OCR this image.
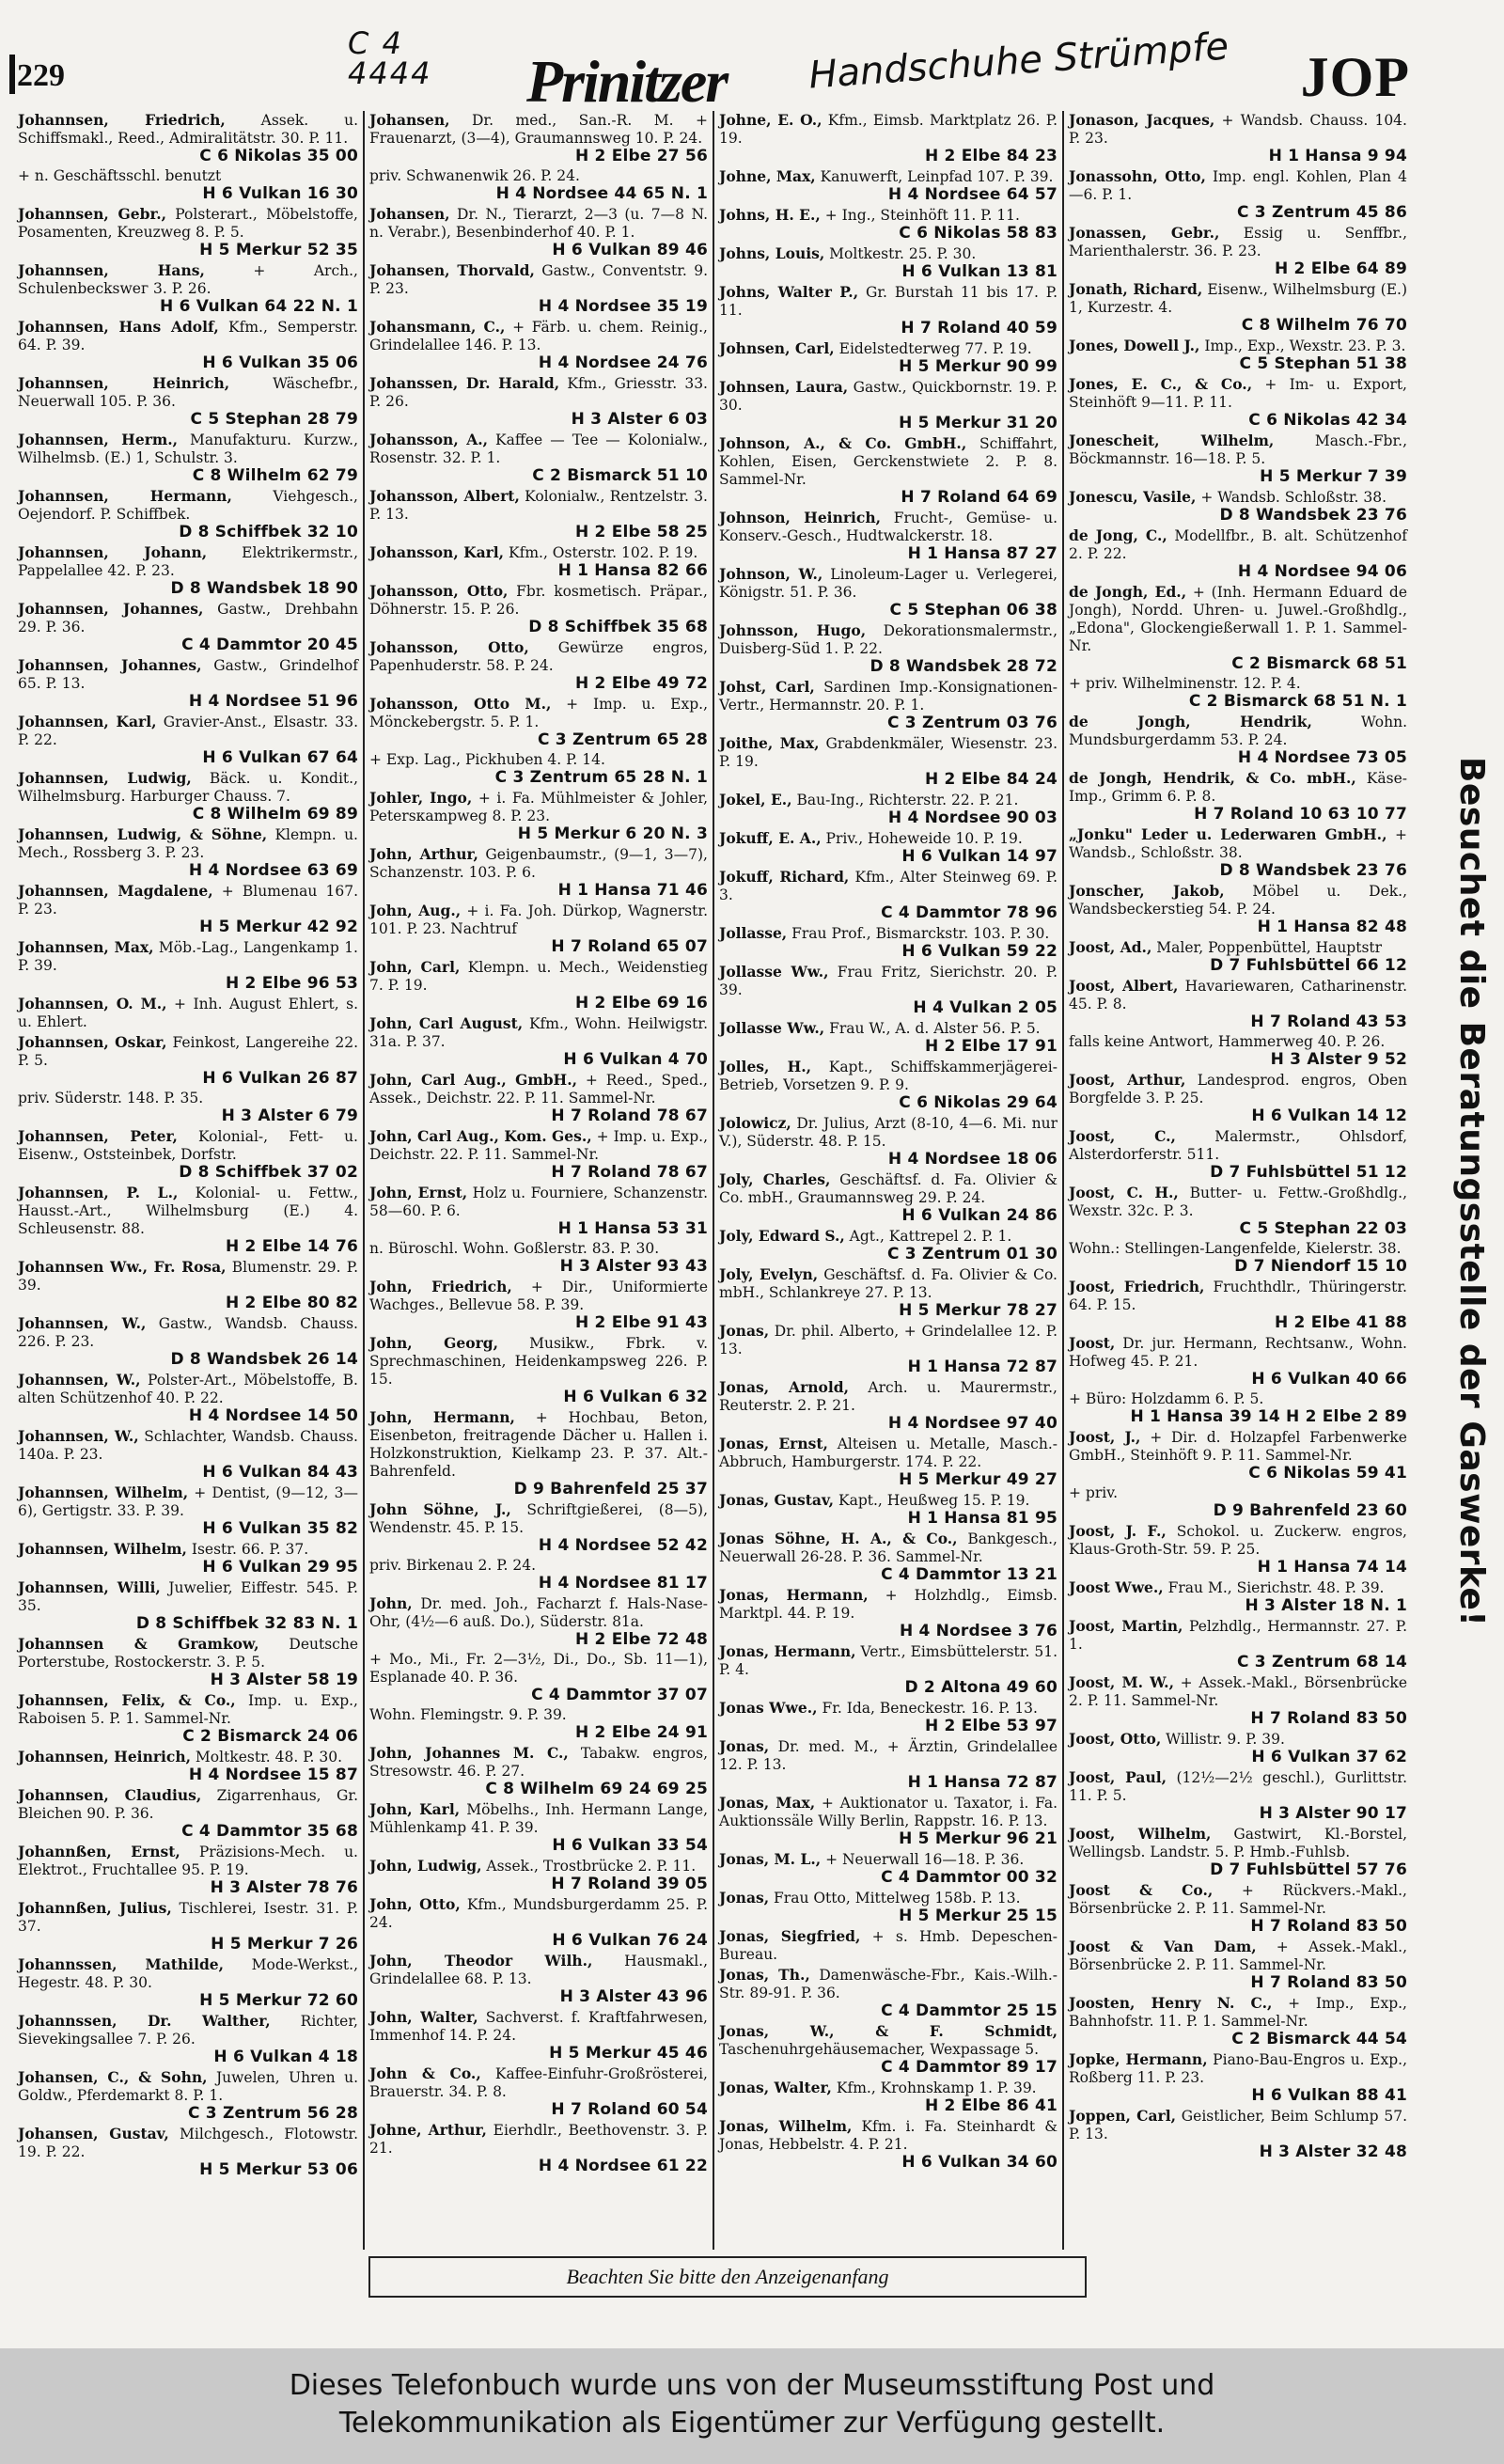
229
C 4
4444 Prinitzer Handschuhe Strümpfe JOP
Johannsen, Friedrich, Assek. u. Schiffsmakl., Reed., Admiralitätstr. 30. P. 11.
C 6 Nikolas 35 00
+ n. Geschäftsschl. benutzt
H 6 Vulkan 16 30
Johannsen, Gebr., Polsterart., Möbelstoffe, Posamenten, Kreuzweg 8. P. 5.
H 5 Merkur 52 35
Johannsen, Hans, + Arch., Schulenbeckswег 3. P. 26.
H 6 Vulkan 64 22 N. 1
Johannsen, Hans Adolf, Kfm., Semperstr. 64. P. 39.
H 6 Vulkan 35 06
Johannsen, Heinrich, Wäschefbr., Neuerwall 105. P. 36.
C 5 Stephan 28 79
Johannsen, Herm., Manufakturu. Kurzw., Wilhelmsb. (E.) 1, Schulstr. 3.
C 8 Wilhelm 62 79
Johannsen, Hermann, Viehgesch., Oejendorf. P. Schiffbek.
D 8 Schiffbek 32 10
Johannsen, Johann, Elektrikermstr., Pappelallee 42. P. 23.
D 8 Wandsbek 18 90
Johannsen, Johannes, Gastw., Drehbahn 29. P. 36.
C 4 Dammtor 20 45
Johannsen, Johannes, Gastw., Grindelhof 65. P. 13.
H 4 Nordsee 51 96
Johannsen, Karl, Gravier-Anst., Elsastr. 33. P. 22.
H 6 Vulkan 67 64
Johannsen, Ludwig, Bäck. u. Kondit., Wilhelmsburg. Harburger Chauss. 7.
C 8 Wilhelm 69 89
Johannsen, Ludwig, & Söhne, Klempn. u. Mech., Rossberg 3. P. 23.
H 4 Nordsee 63 69
Johannsen, Magdalene, + Blumenau 167. P. 23.
H 5 Merkur 42 92
Johannsen, Max, Möb.-Lag., Langenkamp 1. P. 39.
H 2 Elbe 96 53
Johannsen, O. M., + Inh. August Ehlert, s. u. Ehlert.
Johannsen, Oskar, Feinkost, Langereihe 22. P. 5.
H 6 Vulkan 26 87
priv. Süderstr. 148. P. 35.
H 3 Alster 6 79
Johannsen, Peter, Kolonial-, Fett- u. Eisenw., Oststeinbek, Dorfstr.
D 8 Schiffbek 37 02
Johannsen, P. L., Kolonial- u. Fettw., Hausst.-Art., Wilhelmsburg (E.) 4. Schleusenstr. 88.
H 2 Elbe 14 76
Johannsen Ww., Fr. Rosa, Blumenstr. 29. P. 39.
H 2 Elbe 80 82
Johannsen, W., Gastw., Wandsb. Chauss. 226. P. 23.
D 8 Wandsbek 26 14
Johannsen, W., Polster-Art., Möbelstoffe, B. alten Schützenhof 40. P. 22.
H 4 Nordsee 14 50
Johannsen, W., Schlachter, Wandsb. Chauss. 140a. P. 23.
H 6 Vulkan 84 43
Johannsen, Wilhelm, + Dentist, (9—12, 3—6), Gertigstr. 33. P. 39.
H 6 Vulkan 35 82
Johannsen, Wilhelm, Isestr. 66. P. 37.
H 6 Vulkan 29 95
Johannsen, Willi, Juwelier, Eiffestr. 545. P. 35.
D 8 Schiffbek 32 83 N. 1
Johannsen & Gramkow, Deutsche Porterstube, Rostockerstr. 3. P. 5.
H 3 Alster 58 19
Johannsen, Felix, & Co., Imp. u. Exp., Raboisen 5. P. 1. Sammel-Nr.
C 2 Bismarck 24 06
Johannsen, Heinrich, Moltkestr. 48. P. 30.
H 4 Nordsee 15 87
Johannsen, Claudius, Zigarrenhaus, Gr. Bleichen 90. P. 36.
C 4 Dammtor 35 68
Johannßen, Ernst, Präzisions-Mech. u. Elektrot., Fruchtallee 95. P. 19.
H 3 Alster 78 76
Johannßen, Julius, Tischlerei, Isestr. 31. P. 37.
H 5 Merkur 7 26
Johannssen, Mathilde, Mode-Werkst., Hegestr. 48. P. 30.
H 5 Merkur 72 60
Johannssen, Dr. Walther, Richter, Sievekingsallee 7. P. 26.
H 6 Vulkan 4 18
Johansen, C., & Sohn, Juwelen, Uhren u. Goldw., Pferdemarkt 8. P. 1.
C 3 Zentrum 56 28
Johansen, Gustav, Milchgesch., Flotowstr. 19. P. 22.
H 5 Merkur 53 06
Johansen, Dr. med., San.-R. M. + Frauenarzt, (3—4), Graumannsweg 10. P. 24.
H 2 Elbe 27 56
priv. Schwanenwik 26. P. 24.
H 4 Nordsee 44 65 N. 1
Johansen, Dr. N., Tierarzt, 2—3 (u. 7—8 N. n. Verabr.), Besenbinderhof 40. P. 1.
H 6 Vulkan 89 46
Johansen, Thorvald, Gastw., Conventstr. 9. P. 23.
H 4 Nordsee 35 19
Johansmann, C., + Färb. u. chem. Reinig., Grindelallee 146. P. 13.
H 4 Nordsee 24 76
Johanssen, Dr. Harald, Kfm., Griesstr. 33. P. 26.
H 3 Alster 6 03
Johansson, A., Kaffee — Tee — Kolonialw., Rosenstr. 32. P. 1.
C 2 Bismarck 51 10
Johansson, Albert, Kolonialw., Rentzelstr. 3. P. 13.
H 2 Elbe 58 25
Johansson, Karl, Kfm., Osterstr. 102. P. 19.
H 1 Hansa 82 66
Johansson, Otto, Fbr. kosmetisch. Präpar., Döhnerstr. 15. P. 26.
D 8 Schiffbek 35 68
Johansson, Otto, Gewürze engros, Papenhuderstr. 58. P. 24.
H 2 Elbe 49 72
Johansson, Otto M., + Imp. u. Exp., Mönckebergstr. 5. P. 1.
C 3 Zentrum 65 28
+ Exp. Lag., Pickhuben 4. P. 14.
C 3 Zentrum 65 28 N. 1
Johler, Ingo, + i. Fa. Mühlmeister & Johler, Petersкampweg 8. P. 23.
H 5 Merkur 6 20 N. 3
John, Arthur, Geigenbaumstr., (9—1, 3—7), Schanzenstr. 103. P. 6.
H 1 Hansa 71 46
John, Aug., + i. Fa. Joh. Dürkop, Wagnerstr. 101. P. 23. Nachtruf
H 7 Roland 65 07
John, Carl, Klempn. u. Mech., Weidenstieg 7. P. 19.
H 2 Elbe 69 16
John, Carl August, Kfm., Wohn. Heilwigstr. 31a. P. 37.
H 6 Vulkan 4 70
John, Carl Aug., GmbH., + Reed., Sped., Assek., Deichstr. 22. P. 11. Sammel-Nr.
H 7 Roland 78 67
John, Carl Aug., Kom. Ges., + Imp. u. Exp., Deichstr. 22. P. 11. Sammel-Nr.
H 7 Roland 78 67
John, Ernst, Holz u. Fourniere, Schanzenstr. 58—60. P. 6.
H 1 Hansa 53 31
n. Büroschl. Wohn. Goßlerstr. 83. P. 30.
H 3 Alster 93 43
John, Friedrich, + Dir., Uniformierte Wachges., Bellevue 58. P. 39.
H 2 Elbe 91 43
John, Georg, Musikw., Fbrk. v. Sprechmaschinen, Heidenkampsweg 226. P. 15.
H 6 Vulkan 6 32
John, Hermann, + Hochbau, Beton, Eisenbeton, freitragende Dächer u. Hallen i. Holzkonstruktion, Kielkamp 23. P. 37. Alt.-Bahrenfeld.
D 9 Bahrenfeld 25 37
John Söhne, J., Schriftgießerei, (8—5), Wendenstr. 45. P. 15.
H 4 Nordsee 52 42
priv. Birkenau 2. P. 24.
H 4 Nordsee 81 17
John, Dr. med. Joh., Facharzt f. Hals-Nase-Ohr, (4½—6 auß. Do.), Süderstr. 81a.
H 2 Elbe 72 48
+ Mo., Mi., Fr. 2—3½, Di., Do., Sb. 11—1), Esplanade 40. P. 36.
C 4 Dammtor 37 07
Wohn. Flemingstr. 9. P. 39.
H 2 Elbe 24 91
John, Johannes M. C., Tabakw. engros, Stresowstr. 46. P. 27.
C 8 Wilhelm 69 24 69 25
John, Karl, Möbelhs., Inh. Hermann Lange, Mühlenkamp 41. P. 39.
H 6 Vulkan 33 54
John, Ludwig, Assek., Trostbrücke 2. P. 11.
H 7 Roland 39 05
John, Otto, Kfm., Mundsburgerdamm 25. P. 24.
H 6 Vulkan 76 24
John, Theodor Wilh., Hausmakl., Grindelallee 68. P. 13.
H 3 Alster 43 96
John, Walter, Sachverst. f. Kraftfahrwesen, Immenhof 14. P. 24.
H 5 Merkur 45 46
John & Co., Kaffee-Einfuhr-Großrösterei, Brauerstr. 34. P. 8.
H 7 Roland 60 54
Johne, Arthur, Eierhdlr., Beethovenstr. 3. P. 21.
H 4 Nordsee 61 22
Johne, E. O., Kfm., Eimsb. Marktplatz 26. P. 19.
H 2 Elbe 84 23
Johne, Max, Kanuwerft, Leinpfad 107. P. 39.
H 4 Nordsee 64 57
Johns, H. E., + Ing., Steinhöft 11. P. 11.
C 6 Nikolas 58 83
Johns, Louis, Moltkestr. 25. P. 30.
H 6 Vulkan 13 81
Johns, Walter P., Gr. Burstah 11 bis 17. P. 11.
H 7 Roland 40 59
Johnsen, Carl, Eidelstedterweg 77. P. 19.
H 5 Merkur 90 99
Johnsen, Laura, Gastw., Quickbornstr. 19. P. 30.
H 5 Merkur 31 20
Johnson, A., & Co. GmbH., Schiffahrt, Kohlen, Eisen, Gerckenstwiete 2. P. 8. Sammel-Nr.
H 7 Roland 64 69
Johnson, Heinrich, Frucht-, Gemüse- u. Konserv.-Gesch., Hudtwalckerstr. 18.
H 1 Hansa 87 27
Johnson, W., Linoleum-Lager u. Verlegerei, Königstr. 51. P. 36.
C 5 Stephan 06 38
Johnsson, Hugo, Dekorationsmalermstr., Duisberg-Süd 1. P. 22.
D 8 Wandsbek 28 72
Johst, Carl, Sardinen Imp.-Konsignationen-Vertr., Hermannstr. 20. P. 1.
C 3 Zentrum 03 76
Joithe, Max, Grabdenkmäler, Wiesenstr. 23. P. 19.
H 2 Elbe 84 24
Jokel, E., Bau-Ing., Richterstr. 22. P. 21.
H 4 Nordsee 90 03
Jokuff, E. A., Priv., Hoheweide 10. P. 19.
H 6 Vulkan 14 97
Jokuff, Richard, Kfm., Alter Steinweg 69. P. 3.
C 4 Dammtor 78 96
Jollasse, Frau Prof., Bismarckstr. 103. P. 30.
H 6 Vulkan 59 22
Jollasse Ww., Frau Fritz, Sierichstr. 20. P. 39.
H 4 Vulkan 2 05
Jollasse Ww., Frau W., A. d. Alster 56. P. 5.
H 2 Elbe 17 91
Jolles, H., Kapt., Schiffskammerjägerei-Betrieb, Vorsetzen 9. P. 9.
C 6 Nikolas 29 64
Jolowicz, Dr. Julius, Arzt (8-10, 4—6. Mi. nur V.), Süderstr. 48. P. 15.
H 4 Nordsee 18 06
Joly, Charles, Geschäftsf. d. Fa. Olivier & Co. mbH., Graumannsweg 29. P. 24.
H 6 Vulkan 24 86
Joly, Edward S., Agt., Kattrepel 2. P. 1.
C 3 Zentrum 01 30
Joly, Evelyn, Geschäftsf. d. Fa. Olivier & Co. mbH., Schlankreye 27. P. 13.
H 5 Merkur 78 27
Jonas, Dr. phil. Alberto, + Grindelallee 12. P. 13.
H 1 Hansa 72 87
Jonas, Arnold, Arch. u. Maurermstr., Reuterstr. 2. P. 21.
H 4 Nordsee 97 40
Jonas, Ernst, Alteisen u. Metalle, Masch.-Abbruch, Hamburgerstr. 174. P. 22.
H 5 Merkur 49 27
Jonas, Gustav, Kapt., Heußweg 15. P. 19.
H 1 Hansa 81 95
Jonas Söhne, H. A., & Co., Bankgesch., Neuerwall 26-28. P. 36. Sammel-Nr.
C 4 Dammtor 13 21
Jonas, Hermann, + Holzhdlg., Eimsb. Marktpl. 44. P. 19.
H 4 Nordsee 3 76
Jonas, Hermann, Vertr., Eimsbüttelerstr. 51. P. 4.
D 2 Altona 49 60
Jonas Wwe., Fr. Ida, Beneckestr. 16. P. 13.
H 2 Elbe 53 97
Jonas, Dr. med. M., + Ärztin, Grindelallee 12. P. 13.
H 1 Hansa 72 87
Jonas, Max, + Auktionator u. Taxator, i. Fa. Auktionssäle Willy Berlin, Rappstr. 16. P. 13.
H 5 Merkur 96 21
Jonas, M. L., + Neuerwall 16—18. P. 36.
C 4 Dammtor 00 32
Jonas, Frau Otto, Mittelweg 158b. P. 13.
H 5 Merkur 25 15
Jonas, Siegfried, + s. Hmb. Depeschen-Bureau.
Jonas, Th., Damenwäsche-Fbr., Kais.-Wilh.-Str. 89-91. P. 36.
C 4 Dammtor 25 15
Jonas, W., & F. Schmidt, Taschenuhrgehäusemacher, Wexpassage 5.
C 4 Dammtor 89 17
Jonas, Walter, Kfm., Krohnskamp 1. P. 39.
H 2 Elbe 86 41
Jonas, Wilhelm, Kfm. i. Fa. Steinhardt & Jonas, Hebbelstr. 4. P. 21.
H 6 Vulkan 34 60
Jonason, Jacques, + Wandsb. Chauss. 104. P. 23.
H 1 Hansa 9 94
Jonassohn, Otto, Imp. engl. Kohlen, Plan 4—6. P. 1.
C 3 Zentrum 45 86
Jonassen, Gebr., Essig u. Senffbr., Marienthalerstr. 36. P. 23.
H 2 Elbe 64 89
Jonath, Richard, Eisenw., Wilhelmsburg (E.) 1, Kurzestr. 4.
C 8 Wilhelm 76 70
Jones, Dowell J., Imp., Exp., Wexstr. 23. P. 3.
C 5 Stephan 51 38
Jones, E. C., & Co., + Im- u. Export, Steinhöft 9—11. P. 11.
C 6 Nikolas 42 34
Jonescheit, Wilhelm, Masch.-Fbr., Böckmannstr. 16—18. P. 5.
H 5 Merkur 7 39
Jonescu, Vasile, + Wandsb. Schloßstr. 38.
D 8 Wandsbek 23 76
de Jong, C., Modellfbr., B. alt. Schützenhof 2. P. 22.
H 4 Nordsee 94 06
de Jongh, Ed., + (Inh. Hermann Eduard de Jongh), Nordd. Uhren- u. Juwel.-Großhdlg., „Edona", Glockengießerwall 1. P. 1. Sammel-Nr.
C 2 Bismarck 68 51
+ priv. Wilhelminenstr. 12. P. 4.
C 2 Bismarck 68 51 N. 1
de Jongh, Hendrik, Wohn. Mundsburgerdamm 53. P. 24.
H 4 Nordsee 73 05
de Jongh, Hendrik, & Co. mbH., Käse-Imp., Grimm 6. P. 8.
H 7 Roland 10 63 10 77
„Jonku" Leder u. Lederwaren GmbH., + Wandsb., Schloßstr. 38.
D 8 Wandsbek 23 76
Jonscher, Jakob, Möbel u. Dek., Wandsbeckerstieg 54. P. 24.
H 1 Hansa 82 48
Joost, Ad., Maler, Poppenbüttel, Hauptstr
D 7 Fuhlsbüttel 66 12
Joost, Albert, Havariewaren, Catharinenstr. 45. P. 8.
H 7 Roland 43 53
falls keine Antwort, Hammerweg 40. P. 26.
H 3 Alster 9 52
Joost, Arthur, Landesprod. engros, Oben Borgfelde 3. P. 25.
H 6 Vulkan 14 12
Joost, C., Malermstr., Ohlsdorf, Alsterdorferstr. 511.
D 7 Fuhlsbüttel 51 12
Joost, C. H., Butter- u. Fettw.-Großhdlg., Wexstr. 32c. P. 3.
C 5 Stephan 22 03
Wohn.: Stellingen-Langenfelde, Kielerstr. 38.
D 7 Niendorf 15 10
Joost, Friedrich, Fruchthdlr., Thüringerstr. 64. P. 15.
H 2 Elbe 41 88
Joost, Dr. jur. Hermann, Rechtsanw., Wohn. Hofweg 45. P. 21.
H 6 Vulkan 40 66
+ Büro: Holzdamm 6. P. 5.
H 1 Hansa 39 14 H 2 Elbe 2 89
Joost, J., + Dir. d. Holzapfel Farbenwerke GmbH., Steinhöft 9. P. 11. Sammel-Nr.
C 6 Nikolas 59 41
+ priv.
D 9 Bahrenfeld 23 60
Joost, J. F., Schokol. u. Zuckerw. engros, Klaus-Groth-Str. 59. P. 25.
H 1 Hansa 74 14
Joost Wwe., Frau M., Sierichstr. 48. P. 39.
H 3 Alster 18 N. 1
Joost, Martin, Pelzhdlg., Hermannstr. 27. P. 1.
C 3 Zentrum 68 14
Joost, M. W., + Assek.-Makl., Börsenbrücke 2. P. 11. Sammel-Nr.
H 7 Roland 83 50
Joost, Otto, Willistr. 9. P. 39.
H 6 Vulkan 37 62
Joost, Paul, (12½—2½ geschl.), Gurlittstr. 11. P. 5.
H 3 Alster 90 17
Joost, Wilhelm, Gastwirt, Kl.-Borstel, Wellingsb. Landstr. 5. P. Hmb.-Fuhlsb.
D 7 Fuhlsbüttel 57 76
Joost & Co., + Rückvers.-Makl., Börsenbrücke 2. P. 11. Sammel-Nr.
H 7 Roland 83 50
Joost & Van Dam, + Assek.-Makl., Börsenbrücke 2. P. 11. Sammel-Nr.
H 7 Roland 83 50
Joosten, Henry N. C., + Imp., Exp., Bahnhofstr. 11. P. 1. Sammel-Nr.
C 2 Bismarck 44 54
Jopke, Hermann, Piano-Bau-Engros u. Exp., Roßberg 11. P. 23.
H 6 Vulkan 88 41
Joppen, Carl, Geistlicher, Beim Schlump 57. P. 13.
H 3 Alster 32 48
Besuchet die Beratungsstelle der Gaswerke!
Beachten Sie bitte den Anzeigenanfang
Dieses Telefonbuch wurde uns von der Museumsstiftung Post und
Telekommunikation als Eigentümer zur Verfügung gestellt.
